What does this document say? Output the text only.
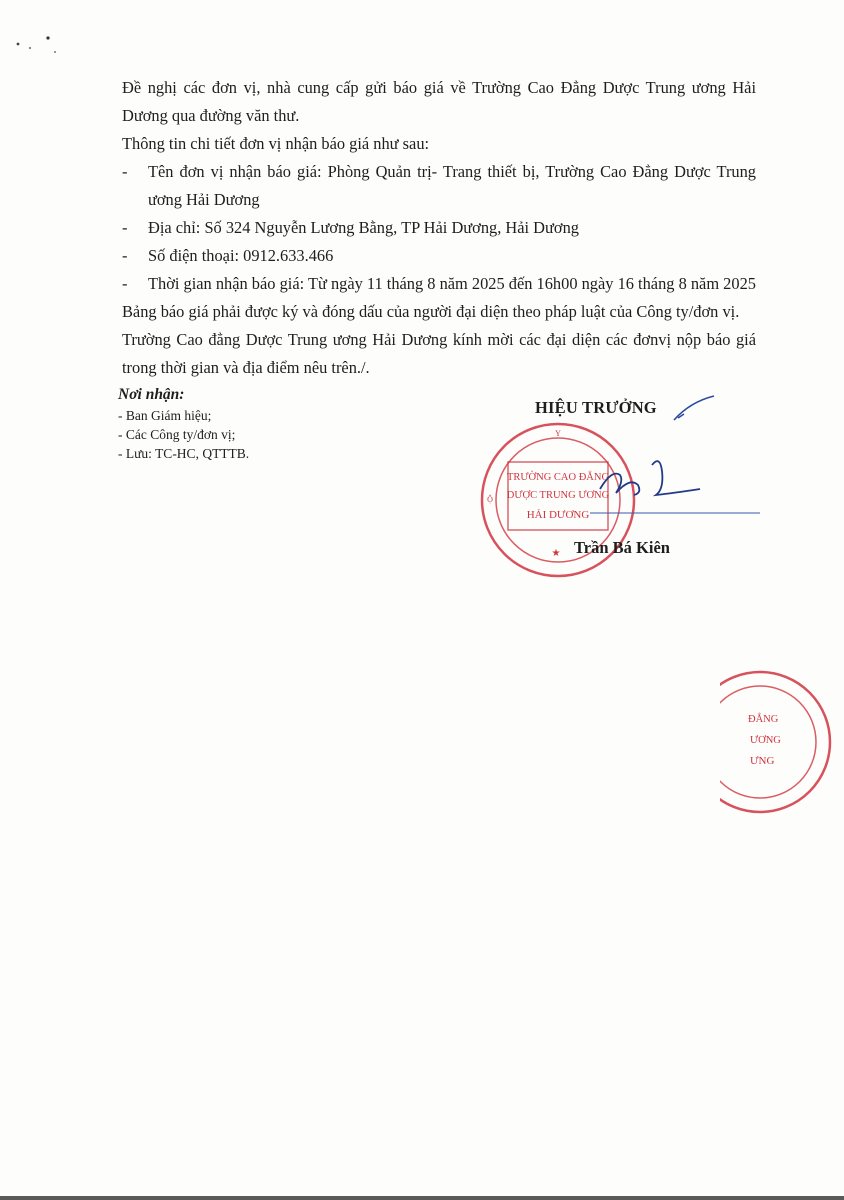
Đề nghị các đơn vị, nhà cung cấp gửi báo giá về Trường Cao Đẳng Dược Trung ương Hải Dương qua đường văn thư.

Thông tin chi tiết đơn vị nhận báo giá như sau:

- Tên đơn vị nhận báo giá: Phòng Quản trị- Trang thiết bị, Trường Cao Đẳng Dược Trung ương Hải Dương
- Địa chỉ: Số 324 Nguyễn Lương Bằng, TP Hải Dương, Hải Dương
- Số điện thoại: 0912.633.466
- Thời gian nhận báo giá: Từ ngày 11 tháng 8 năm 2025 đến 16h00 ngày 16 tháng 8 năm 2025

Bảng báo giá phải được ký và đóng dấu của người đại diện theo pháp luật của Công ty/đơn vị.

Trường Cao đẳng Dược Trung ương Hải Dương kính mời các đại diện các đơnvị nộp báo giá trong thời gian và địa điểm nêu trên./.

Nơi nhận:
- Ban Giám hiệu;
- Các Công ty/đơn vị;
- Lưu: TC-HC, QTTTB.
TRƯỜNG CAO ĐẲNG
DƯỢC TRUNG ƯƠNG
HẢI DƯƠNG
Y
Ộ
★
HIỆU TRƯỞNG
Trần Bá Kiên
ĐẲNG
ƯƠNG
ƯNG
